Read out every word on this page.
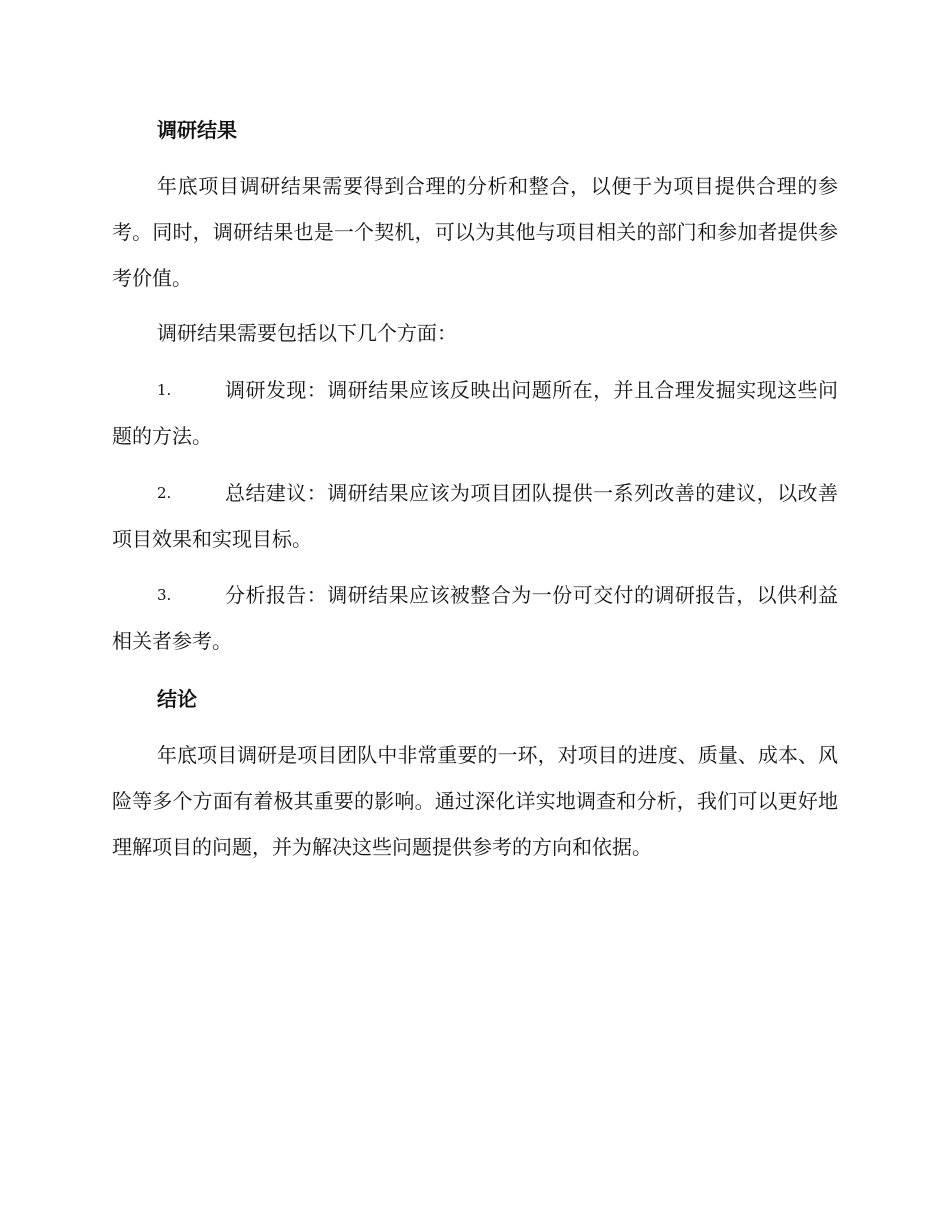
调研结果
年底项目调研结果需要得到合理的分析和整合，以便于为项目提供合理的参考。同时，调研结果也是一个契机，可以为其他与项目相关的部门和参加者提供参考价值。
调研结果需要包括以下几个方面：
1.	调研发现：调研结果应该反映出问题所在，并且合理发掘实现这些问题的方法。
2.	总结建议：调研结果应该为项目团队提供一系列改善的建议，以改善项目效果和实现目标。
3.	分析报告：调研结果应该被整合为一份可交付的调研报告，以供利益相关者参考。
结论
年底项目调研是项目团队中非常重要的一环，对项目的进度、质量、成本、风险等多个方面有着极其重要的影响。通过深化详实地调查和分析，我们可以更好地理解项目的问题，并为解决这些问题提供参考的方向和依据。
